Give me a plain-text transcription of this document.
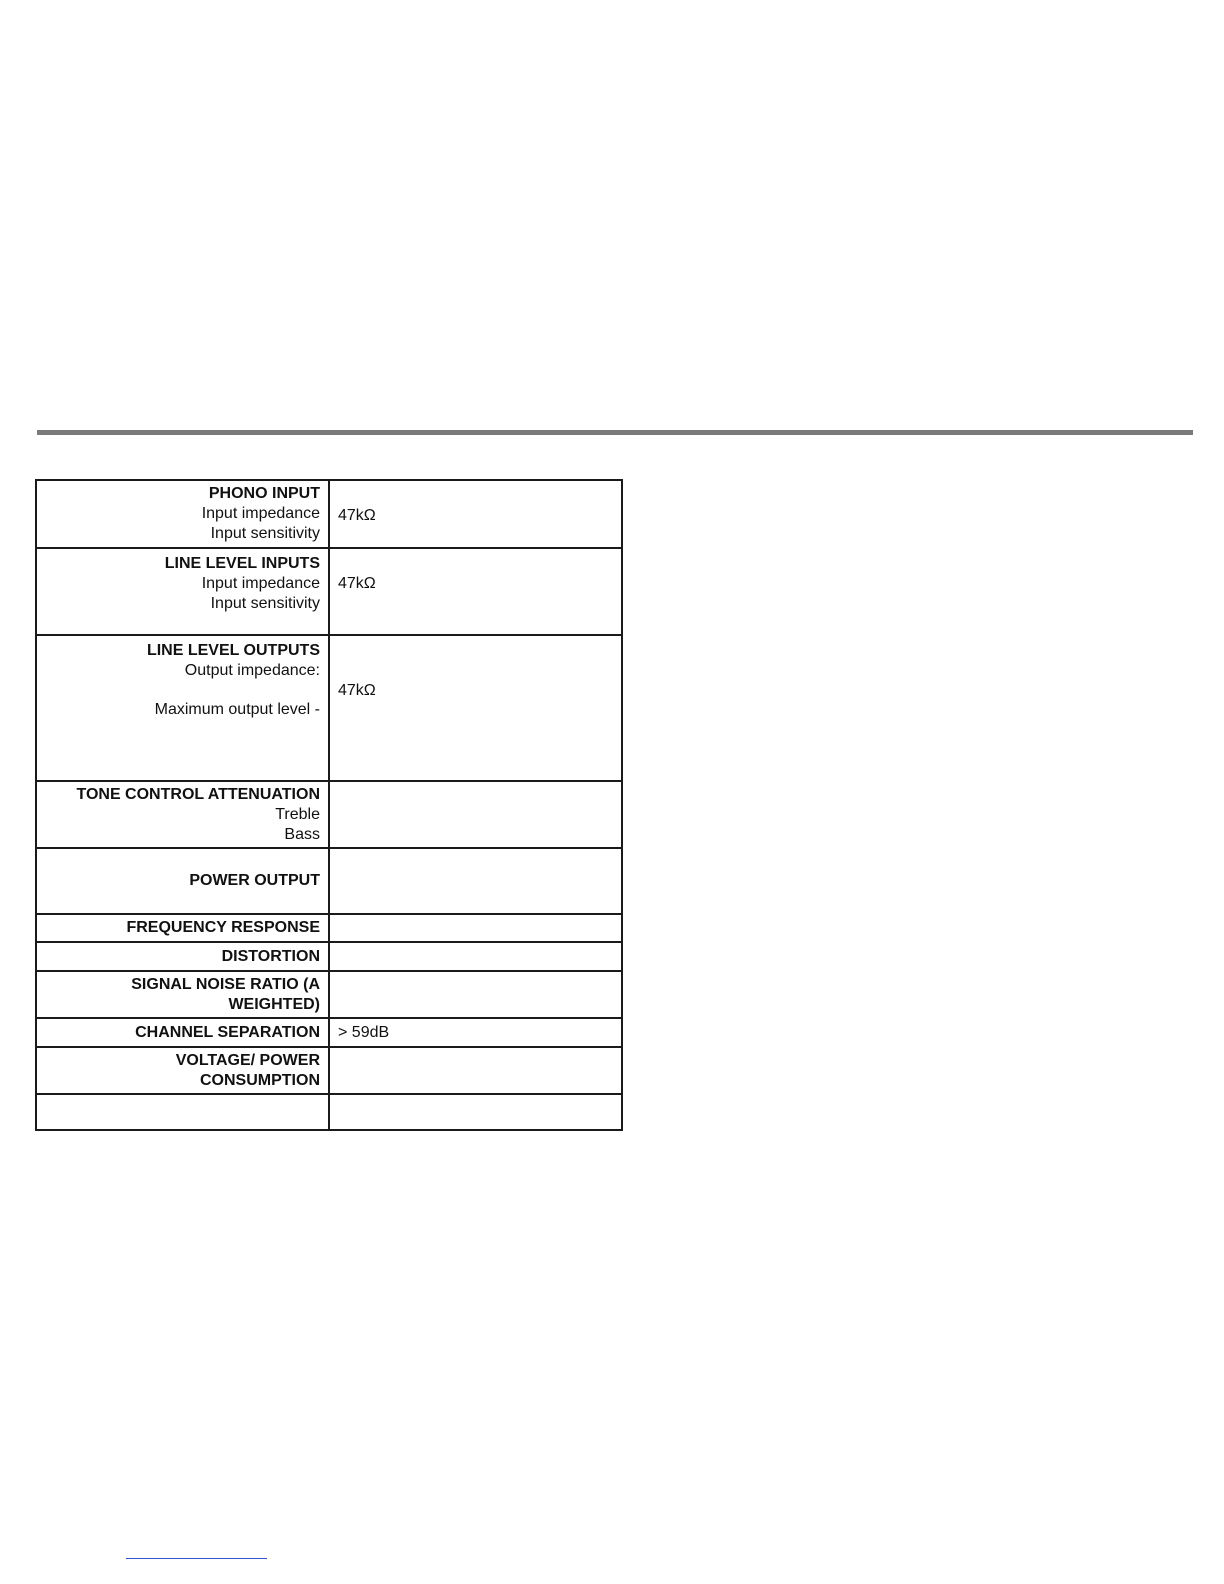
PHONO INPUT
Input impedance
Input sensitivity	47kΩ

LINE LEVEL INPUTS
Input impedance
Input sensitivity	47kΩ

LINE LEVEL OUTPUTS
Output impedance:
Maximum output level -	47kΩ

TONE CONTROL ATTENUATION
Treble
Bass	

POWER OUTPUT	

FREQUENCY RESPONSE	

DISTORTION	

SIGNAL NOISE RATIO (A
WEIGHTED)	

CHANNEL SEPARATION	> 59dB

VOLTAGE/ POWER
CONSUMPTION	
